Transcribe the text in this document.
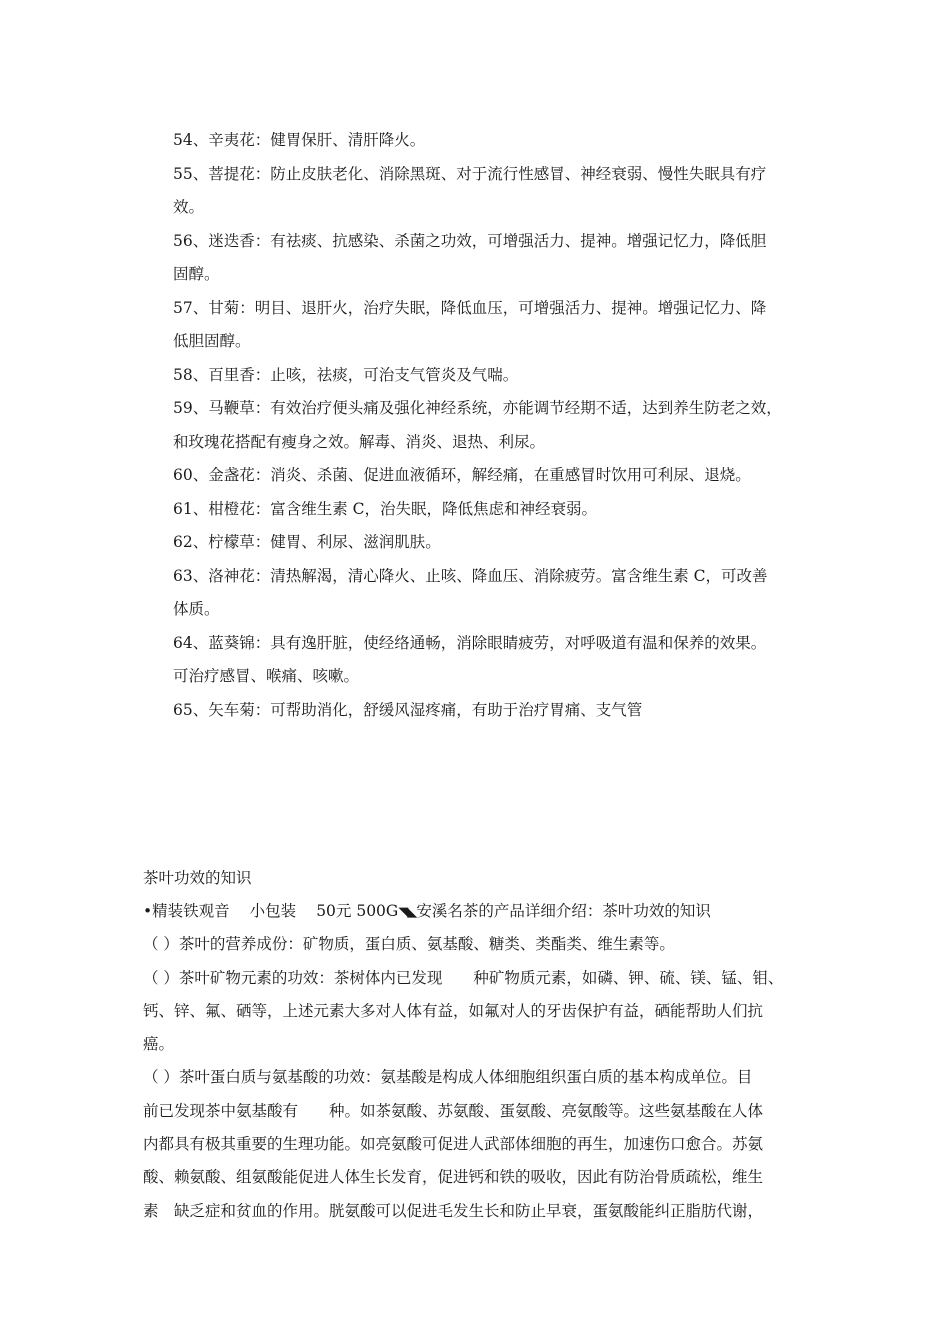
54、辛夷花：健胃保肝、清肝降火。
55、菩提花：防止皮肤老化、消除黑斑、对于流行性感冒、神经衰弱、慢性失眠具有疗
效。
56、迷迭香：有祛痰、抗感染、杀菌之功效，可增强活力、提神。增强记忆力，降低胆
固醇。
57、甘菊：明目、退肝火，治疗失眠，降低血压，可增强活力、提神。增强记忆力、降
低胆固醇。
58、百里香：止咳，祛痰，可治支气管炎及气喘。
59、马鞭草：有效治疗便头痛及强化神经系统，亦能调节经期不适，达到养生防老之效，
和玫瑰花搭配有瘦身之效。解毒、消炎、退热、利尿。
60、金盏花：消炎、杀菌、促进血液循环，解经痛，在重感冒时饮用可利尿、退烧。
61、柑橙花：富含维生素 C，治失眠，降低焦虑和神经衰弱。
62、柠檬草：健胃、利尿、滋润肌肤。
63、洛神花：清热解渴，清心降火、止咳、降血压、消除疲劳。富含维生素 C，可改善
体质。
64、蓝葵锦：具有逸肝脏，使经络通畅，消除眼睛疲劳，对呼吸道有温和保养的效果。
可治疗感冒、喉痛、咳嗽。
65、矢车菊：可帮助消化，舒缓风湿疼痛，有助于治疗胃痛、支气管
茶叶功效的知识
•精装铁观音 小包装 50元 500G◥◣安溪名茶的产品详细介绍：茶叶功效的知识
（ ）茶叶的营养成份：矿物质，蛋白质、氨基酸、糖类、类酯类、维生素等。
（ ）茶叶矿物元素的功效：茶树体内已发现　　种矿物质元素，如磷、钾、硫、镁、锰、钼、
钙、锌、氟、硒等，上述元素大多对人体有益，如氟对人的牙齿保护有益，硒能帮助人们抗
癌。
（ ）茶叶蛋白质与氨基酸的功效：氨基酸是构成人体细胞组织蛋白质的基本构成单位。目
前已发现茶中氨基酸有　　种。如茶氨酸、苏氨酸、蛋氨酸、亮氨酸等。这些氨基酸在人体
内都具有极其重要的生理功能。如亮氨酸可促进人武部体细胞的再生，加速伤口愈合。苏氨
酸、赖氨酸、组氨酸能促进人体生长发育，促进钙和铁的吸收，因此有防治骨质疏松，维生
素　缺乏症和贫血的作用。胱氨酸可以促进毛发生长和防止早衰，蛋氨酸能纠正脂肪代谢，
